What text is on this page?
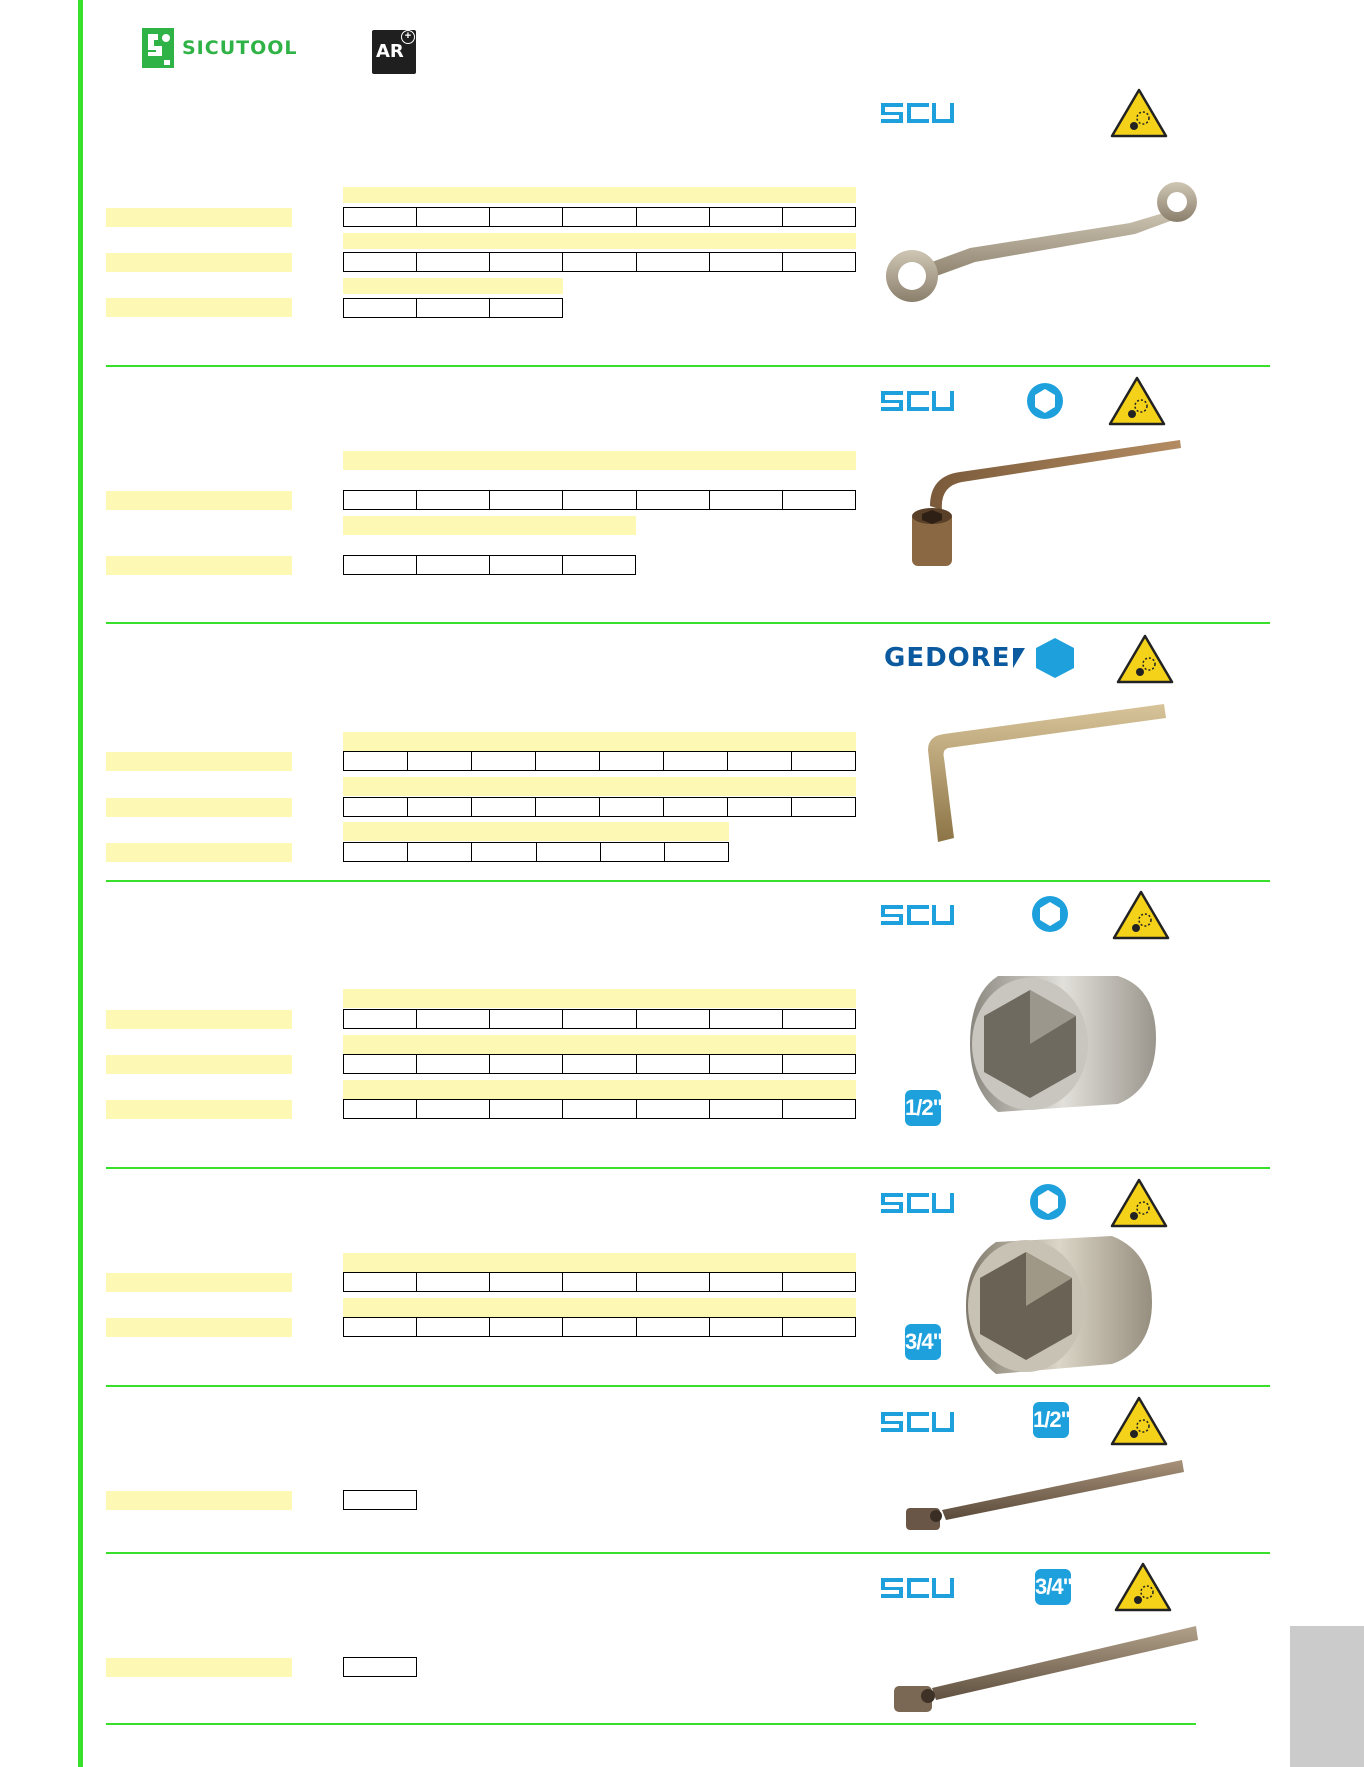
SICUTOOL	AR
+
GEDORE
1/2"
3/4"
1/2"
3/4"
